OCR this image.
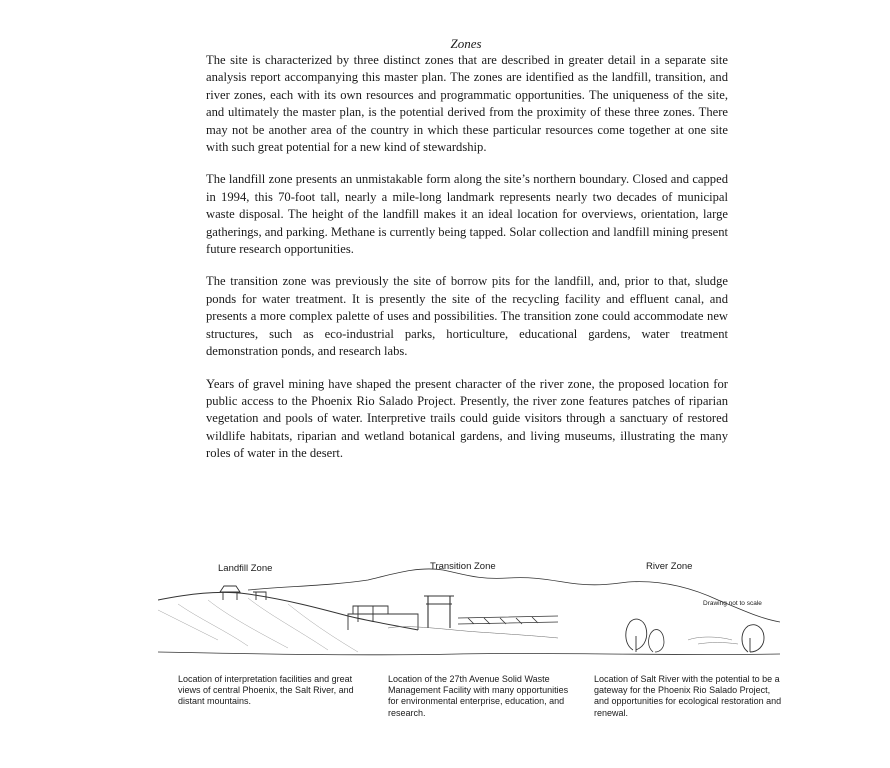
Zones

The site is characterized by three distinct zones that are described in greater detail in a separate site analysis report accompanying this master plan. The zones are identified as the landfill, transition, and river zones, each with its own resources and programmatic opportunities. The uniqueness of the site, and ultimately the master plan, is the potential derived from the proximity of these three zones. There may not be another area of the country in which these particular resources come together at one site with such great potential for a new kind of stewardship.

The landfill zone presents an unmistakable form along the site’s northern boundary. Closed and capped in 1994, this 70-foot tall, nearly a mile-long landmark represents nearly two decades of municipal waste disposal. The height of the landfill makes it an ideal location for overviews, orientation, large gatherings, and parking. Methane is currently being tapped. Solar collection and landfill mining present future research opportunities.

The transition zone was previously the site of borrow pits for the landfill, and, prior to that, sludge ponds for water treatment. It is presently the site of the recycling facility and effluent canal, and presents a more complex palette of uses and possibilities. The transition zone could accommodate new structures, such as eco-industrial parks, horticulture, educational gardens, water treatment demonstration ponds, and research labs.

Years of gravel mining have shaped the present character of the river zone, the proposed location for public access to the Phoenix Rio Salado Project. Presently, the river zone features patches of riparian vegetation and pools of water. Interpretive trails could guide visitors through a sanctuary of restored wildlife habitats, riparian and wetland botanical gardens, and living museums, illustrating the many roles of water in the desert.

Landfill Zone	Transition Zone	River Zone
Drawing not to scale
Location of interpretation facilities and great views of central Phoenix, the Salt River, and distant mountains.
Location of the 27th Avenue Solid Waste Management Facility with many opportunities for environmental enterprise, education, and research.
Location of Salt River with the potential to be a gateway for the Phoenix Rio Salado Project, and opportunities for ecological restoration and renewal.
